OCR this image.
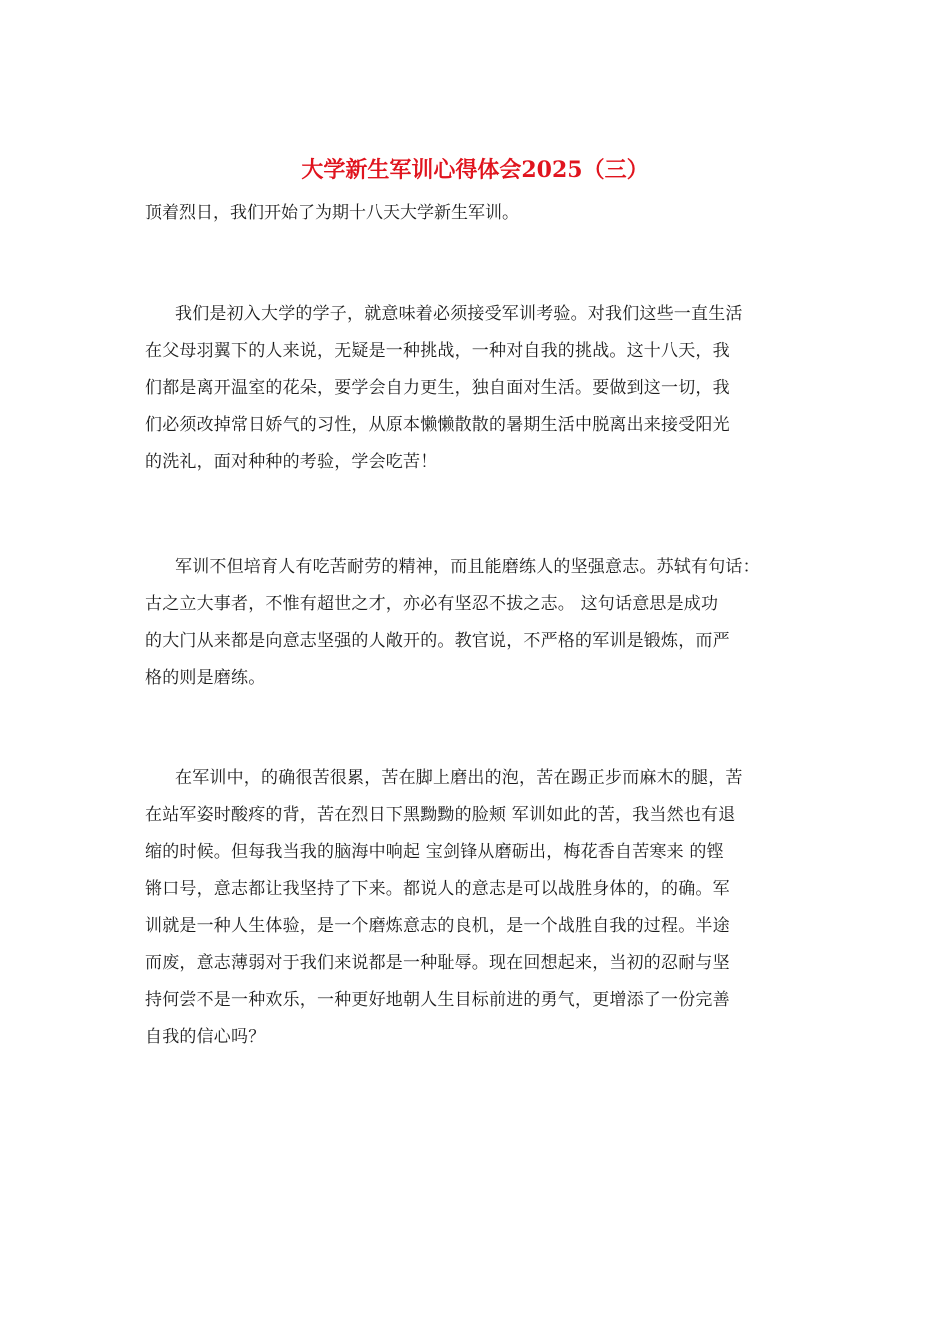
大学新生军训心得体会2025（三）
顶着烈日，我们开始了为期十八天大学新生军训。
我们是初入大学的学子，就意味着必须接受军训考验。对我们这些一直生活
在父母羽翼下的人来说，无疑是一种挑战，一种对自我的挑战。这十八天，我
们都是离开温室的花朵，要学会自力更生，独自面对生活。要做到这一切，我
们必须改掉常日娇气的习性，从原本懒懒散散的暑期生活中脱离出来接受阳光
的洗礼，面对种种的考验，学会吃苦！
军训不但培育人有吃苦耐劳的精神，而且能磨练人的坚强意志。苏轼有句话：
古之立大事者，不惟有超世之才，亦必有坚忍不拔之志。 这句话意思是成功
的大门从来都是向意志坚强的人敞开的。教官说，不严格的军训是锻炼，而严
格的则是磨练。
在军训中，的确很苦很累，苦在脚上磨出的泡，苦在踢正步而麻木的腿，苦
在站军姿时酸疼的背，苦在烈日下黑黝黝的脸颊 军训如此的苦，我当然也有退
缩的时候。但每我当我的脑海中响起 宝剑锋从磨砺出，梅花香自苦寒来 的铿
锵口号，意志都让我坚持了下来。都说人的意志是可以战胜身体的，的确。军
训就是一种人生体验，是一个磨炼意志的良机，是一个战胜自我的过程。半途
而废，意志薄弱对于我们来说都是一种耻辱。现在回想起来，当初的忍耐与坚
持何尝不是一种欢乐，一种更好地朝人生目标前进的勇气，更增添了一份完善
自我的信心吗？
